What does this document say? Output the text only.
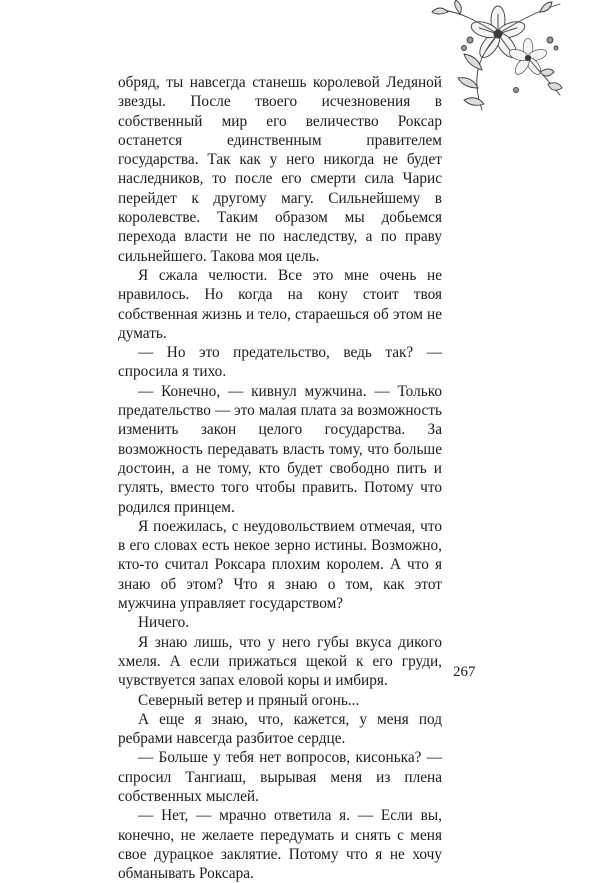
обряд, ты навсегда станешь королевой Ледяной звезды. После твоего исчезновения в собственный мир его величество Роксар останется единственным правителем государства. Так как у него никогда не будет наследников, то после его смерти сила Чарис перейдет к другому магу. Сильнейшему в королевстве. Таким образом мы добьемся перехода власти не по наследству, а по праву сильнейшего. Такова моя цель.

Я сжала челюсти. Все это мне очень не нравилось. Но когда на кону стоит твоя собственная жизнь и тело, стараешься об этом не думать.

— Но это предательство, ведь так? — спросила я тихо.

— Конечно, — кивнул мужчина. — Только предательство — это малая плата за возможность изменить закон целого государства. За возможность передавать власть тому, что больше достоин, а не тому, кто будет свободно пить и гулять, вместо того чтобы править. Потому что родился принцем.

Я поежилась, с неудовольствием отмечая, что в его словах есть некое зерно истины. Возможно, кто-то считал Роксара плохим королем. А что я знаю об этом? Что я знаю о том, как этот мужчина управляет государством?

Ничего.

Я знаю лишь, что у него губы вкуса дикого хмеля. А если прижаться щекой к его груди, чувствуется запах еловой коры и имбиря.

Северный ветер и пряный огонь...

А еще я знаю, что, кажется, у меня под ребрами навсегда разбитое сердце.

— Больше у тебя нет вопросов, кисонька? — спросил Тангиаш, вырывая меня из плена собственных мыслей.

— Нет, — мрачно ответила я. — Если вы, конечно, не желаете передумать и снять с меня свое дурацкое заклятие. Потому что я не хочу обманывать Роксара.

267
